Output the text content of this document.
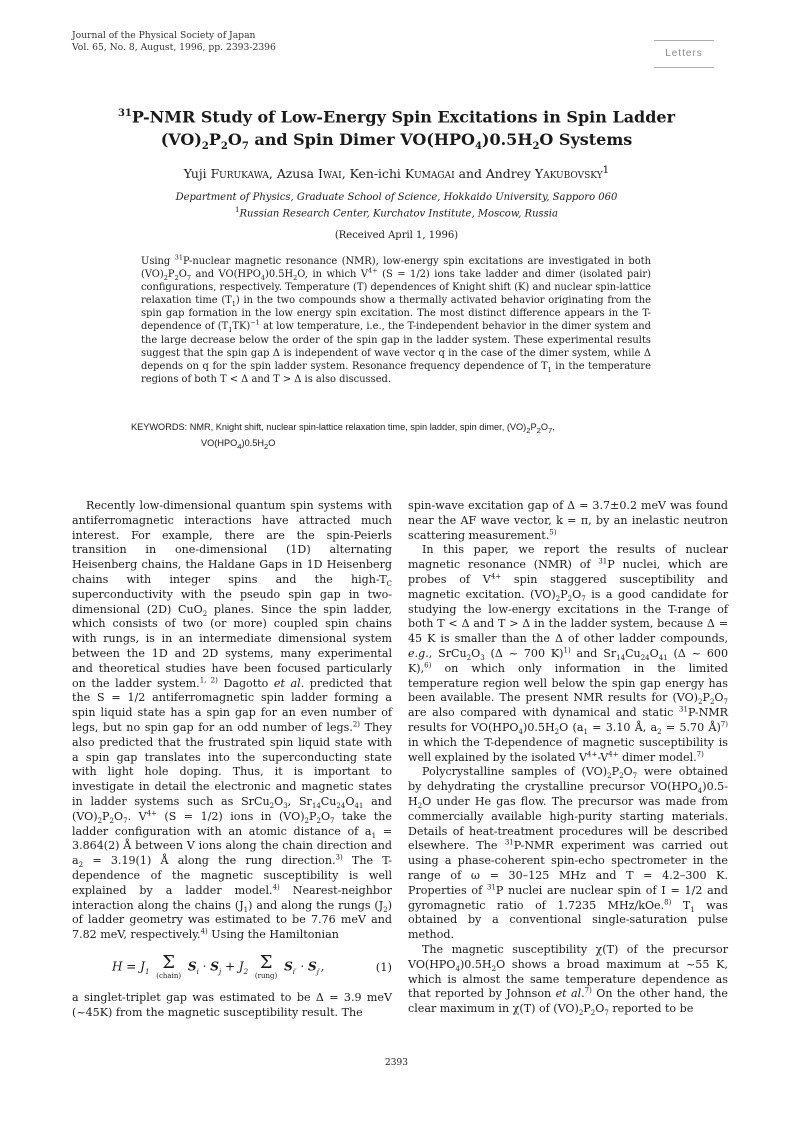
Journal of the Physical Society of Japan
Vol. 65, No. 8, August, 1996, pp. 2393-2396
Letters
$^{31}$P-NMR Study of Low-Energy Spin Excitations in Spin Ladder
$(VO)_2P_2O_7$ and Spin Dimer $VO(HPO_4)0.5H_2O$ Systems
Yuji Furukawa, Azusa Iwai, Ken-ichi Kumagai and Andrey Yakubovsky$^1$
Department of Physics, Graduate School of Science, Hokkaido University, Sapporo 060
$^1$Russian Research Center, Kurchatov Institute, Moscow, Russia
(Received April 1, 1996)
Using $^{31}$P-nuclear magnetic resonance (NMR), low-energy spin excitations are investigated in both $(VO)_2P_2O_7$ and $VO(HPO_4)0.5H_2O$, in which $V^{4+}$ (S = 1/2) ions take ladder and dimer (isolated pair) configurations, respectively. Temperature (T) dependences of Knight shift (K) and nuclear spin-lattice relaxation time $(T_1)$ in the two compounds show a thermally activated behavior originating from the spin gap formation in the low energy spin excitation. The most distinct difference appears in the T-dependence of $(T_1TK)^{-1}$ at low temperature, i.e., the T-independent behavior in the dimer system and the large decrease below the order of the spin gap in the ladder system. These experimental results suggest that the spin gap Δ is independent of wave vector q in the case of the dimer system, while Δ depends on q for the spin ladder system. Resonance frequency dependence of $T_1$ in the temperature regions of both T < Δ and T > Δ is also discussed.
KEYWORDS: NMR, Knight shift, nuclear spin-lattice relaxation time, spin ladder, spin dimer, $(VO)_2P_2O_7$,
$VO(HPO_4)0.5H_2O$

Recently low-dimensional quantum spin systems with antiferromagnetic interactions have attracted much interest. For example, there are the spin-Peierls transition in one-dimensional (1D) alternating Heisenberg chains, the Haldane Gaps in 1D Heisenberg chains with integer spins and the high-$T_C$ superconductivity with the pseudo spin gap in two-dimensional (2D) CuO$_2$ planes. Since the spin ladder, which consists of two (or more) coupled spin chains with rungs, is in an intermediate dimensional system between the 1D and 2D systems, many experimental and theoretical studies have been focused particularly on the ladder system.$^{1, 2)}$ Dagotto et al. predicted that the S = 1/2 antiferromagnetic spin ladder forming a spin liquid state has a spin gap for an even number of legs, but no spin gap for an odd number of legs.$^{2)}$ They also predicted that the frustrated spin liquid state with a spin gap translates into the superconducting state with light hole doping. Thus, it is important to investigate in detail the electronic and magnetic states in ladder systems such as $SrCu_2O_3$, $Sr_{14}Cu_{24}O_{41}$ and $(VO)_2P_2O_7$. $V^{4+}$ (S = 1/2) ions in $(VO)_2P_2O_7$ take the ladder configuration with an atomic distance of $a_1 = 3.864(2)$ Å between V ions along the chain direction and $a_2 = 3.19(1)$ Å along the rung direction.$^{3)}$ The T-dependence of the magnetic susceptibility is well explained by a ladder model.$^{4)}$ Nearest-neighbor interaction along the chains $(J_1)$ and along the rungs $(J_2)$ of ladder geometry was estimated to be 7.76 meV and 7.82 meV, respectively.$^{4)}$ Using the Hamiltonian

$H = J_1$ Σ
(chain)
$S_i \cdot S_j + J_2$ Σ
(rung)
$S_{i'} \cdot S_{j'}$,	(1)

a singlet-triplet gap was estimated to be Δ = 3.9 meV (~45K) from the magnetic susceptibility result. The

spin-wave excitation gap of Δ = 3.7±0.2 meV was found near the AF wave vector, k = π, by an inelastic neutron scattering measurement.$^{5)}$

In this paper, we report the results of nuclear magnetic resonance (NMR) of $^{31}$P nuclei, which are probes of $V^{4+}$ spin staggered susceptibility and magnetic excitation. $(VO)_2P_2O_7$ is a good candidate for studying the low-energy excitations in the T-range of both T < Δ and T > Δ in the ladder system, because Δ = 45 K is smaller than the Δ of other ladder compounds, e.g., $SrCu_2O_3$ (Δ ~ 700 K)$^{1)}$ and $Sr_{14}Cu_{24}O_{41}$ (Δ ~ 600 K),$^{6)}$ on which only information in the limited temperature region well below the spin gap energy has been available. The present NMR results for $(VO)_2P_2O_7$ are also compared with dynamical and static $^{31}$P-NMR results for $VO(HPO_4)0.5H_2O$ ($a_1 = 3.10$ Å, $a_2 = 5.70$ Å)$^{7)}$ in which the T-dependence of magnetic susceptibility is well explained by the isolated $V^{4+}-V^{4+}$ dimer model.$^{7)}$

Polycrystalline samples of $(VO)_2P_2O_7$ were obtained by dehydrating the crystalline precursor $VO(HPO_4)0.5-H_2O$ under He gas flow. The precursor was made from commercially available high-purity starting materials. Details of heat-treatment procedures will be described elsewhere. The $^{31}$P-NMR experiment was carried out using a phase-coherent spin-echo spectrometer in the range of ω = 30–125 MHz and T = 4.2–300 K. Properties of $^{31}$P nuclei are nuclear spin of I = 1/2 and gyromagnetic ratio of 1.7235 MHz/kOe.$^{8)}$ $T_1$ was obtained by a conventional single-saturation pulse method.

The magnetic susceptibility χ(T) of the precursor $VO(HPO_4)0.5H_2O$ shows a broad maximum at ~55 K, which is almost the same temperature dependence as that reported by Johnson et al.$^{7)}$ On the other hand, the clear maximum in χ(T) of $(VO)_2P_2O_7$ reported to be

2393
